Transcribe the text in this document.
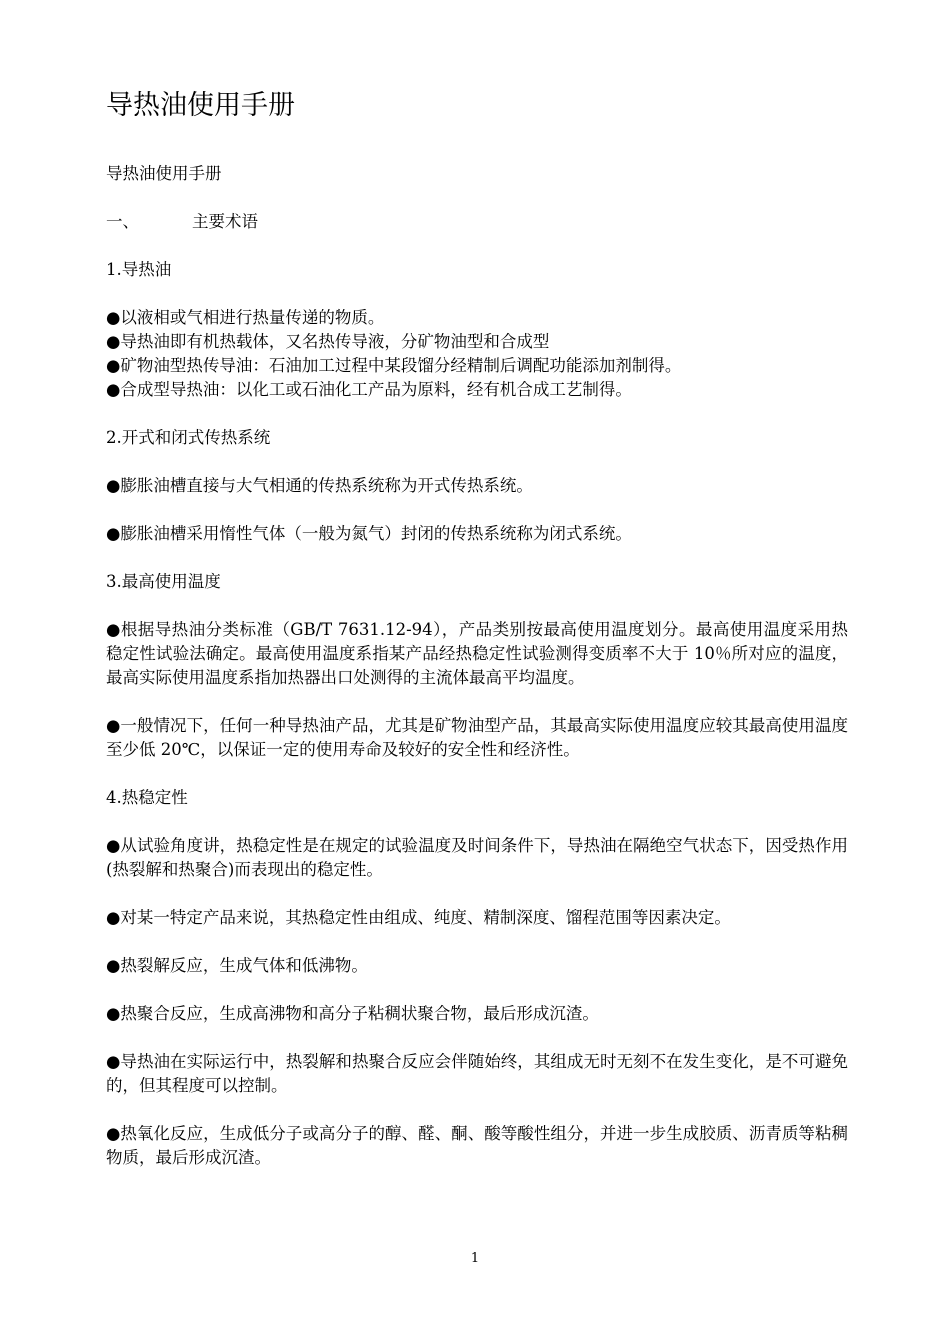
导热油使用手册

导热油使用手册

一、	主要术语

1.导热油

●以液相或气相进行热量传递的物质。

●导热油即有机热载体，又名热传导液，分矿物油型和合成型

●矿物油型热传导油：石油加工过程中某段馏分经精制后调配功能添加剂制得。

●合成型导热油：以化工或石油化工产品为原料，经有机合成工艺制得。

2.开式和闭式传热系统

●膨胀油槽直接与大气相通的传热系统称为开式传热系统。

●膨胀油槽采用惰性气体（一般为氮气）封闭的传热系统称为闭式系统。

3.最高使用温度

●根据导热油分类标准（GB/T 7631.12-94），产品类别按最高使用温度划分。最高使用温度采用热稳定性试验法确定。最高使用温度系指某产品经热稳定性试验测得变质率不大于 10％所对应的温度，最高实际使用温度系指加热器出口处测得的主流体最高平均温度。

●一般情况下，任何一种导热油产品，尤其是矿物油型产品，其最高实际使用温度应较其最高使用温度至少低 20℃，以保证一定的使用寿命及较好的安全性和经济性。

4.热稳定性

●从试验角度讲，热稳定性是在规定的试验温度及时间条件下，导热油在隔绝空气状态下，因受热作用(热裂解和热聚合)而表现出的稳定性。

●对某一特定产品来说，其热稳定性由组成、纯度、精制深度、馏程范围等因素决定。

●热裂解反应，生成气体和低沸物。

●热聚合反应，生成高沸物和高分子粘稠状聚合物，最后形成沉渣。

●导热油在实际运行中，热裂解和热聚合反应会伴随始终，其组成无时无刻不在发生变化，是不可避免的，但其程度可以控制。

●热氧化反应，生成低分子或高分子的醇、醛、酮、酸等酸性组分，并进一步生成胶质、沥青质等粘稠物质，最后形成沉渣。

1
